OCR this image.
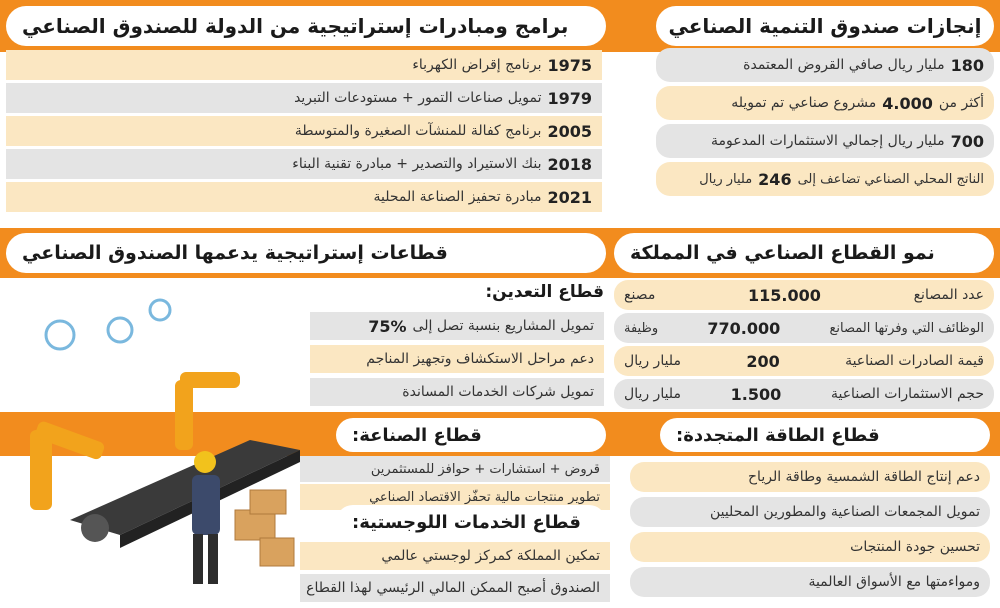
إنجازات صندوق التنمية الصناعي
180
مليار ريال صافي القروض المعتمدة
أكثر من
4.000
مشروع صناعي تم تمويله
700
مليار ريال إجمالي الاستثمارات المدعومة
الناتج المحلي الصناعي تضاعف إلى
246
مليار ريال
برامج ومبادرات إستراتيجية من الدولة للصندوق الصناعي
1975
برنامج إقراض الكهرباء
1979
تمويل صناعات التمور + مستودعات التبريد
2005
برنامج كفالة للمنشآت الصغيرة والمتوسطة
2018
بنك الاستيراد والتصدير + مبادرة تقنية البناء
2021
مبادرة تحفيز الصناعة المحلية
نمو القطاع الصناعي في المملكة
عدد المصانع
115.000
مصنع
الوظائف التي وفرتها المصانع
770.000
وظيفة
قيمة الصادرات الصناعية
200
مليار ريال
حجم الاستثمارات الصناعية
1.500
مليار ريال
قطاعات إستراتيجية يدعمها الصندوق الصناعي
قطاع التعدين:
تمويل المشاريع بنسبة تصل إلى
75%
دعم مراحل الاستكشاف وتجهيز المناجم
تمويل شركات الخدمات المساندة
قطاع الصناعة:
قروض + استشارات + حوافز للمستثمرين
تطوير منتجات مالية تحفّز الاقتصاد الصناعي
قطاع الخدمات اللوجستية:
تمكين المملكة كمركز لوجستي عالمي
الصندوق أصبح الممكن المالي الرئيسي لهذا القطاع
قطاع الطاقة المتجددة:
دعم إنتاج الطاقة الشمسية وطاقة الرياح
تمويل المجمعات الصناعية والمطورين المحليين
تحسين جودة المنتجات
ومواءمتها مع الأسواق العالمية
